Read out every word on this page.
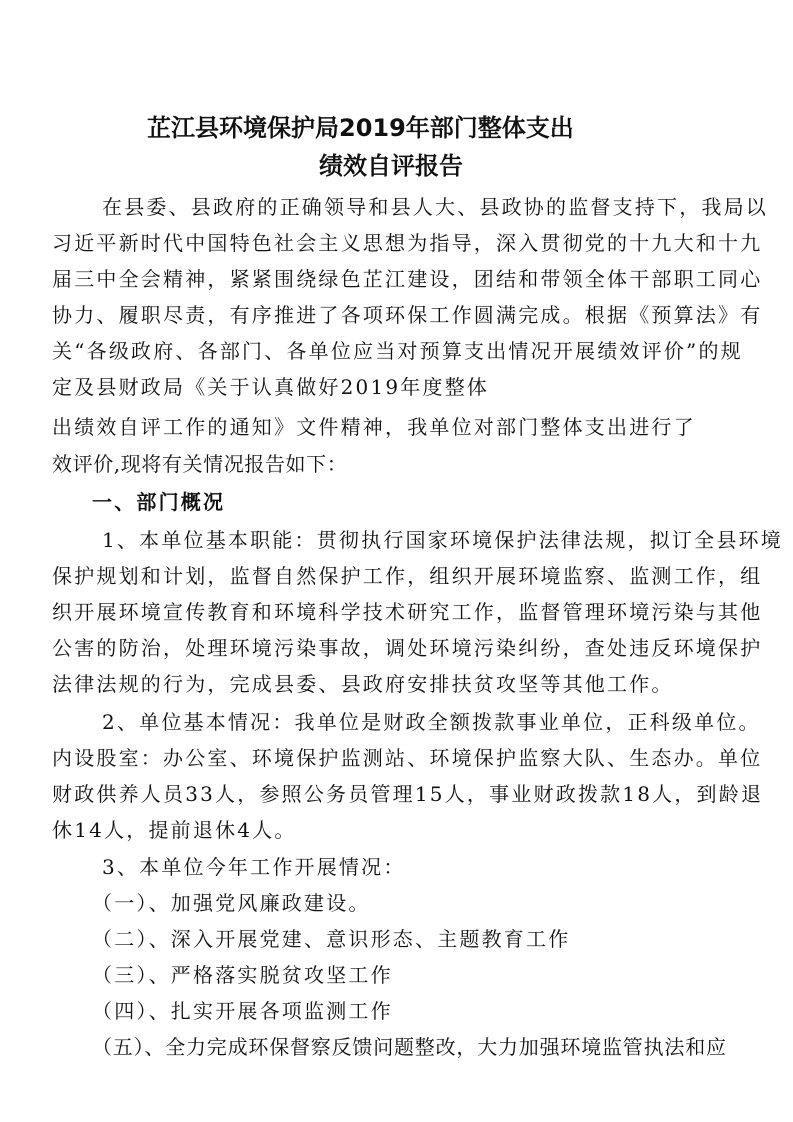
芷江县环境保护局2019年部门整体支出
绩效自评报告
在县委、县政府的正确领导和县人大、县政协的监督支持下，我局以
习近平新时代中国特色社会主义思想为指导，深入贯彻党的十九大和十九
届三中全会精神，紧紧围绕绿色芷江建设，团结和带领全体干部职工同心
协力、履职尽责，有序推进了各项环保工作圆满完成。根据《预算法》有
关“各级政府、各部门、各单位应当对预算支出情况开展绩效评价”的规
定及县财政局《关于认真做好2019年度整体
出绩效自评工作的通知》文件精神，我单位对部门整体支出进行了
效评价,现将有关情况报告如下：
一、部门概况
1、本单位基本职能：贯彻执行国家环境保护法律法规，拟订全县环境
保护规划和计划，监督自然保护工作，组织开展环境监察、监测工作，组
织开展环境宣传教育和环境科学技术研究工作，监督管理环境污染与其他
公害的防治，处理环境污染事故，调处环境污染纠纷，查处违反环境保护
法律法规的行为，完成县委、县政府安排扶贫攻坚等其他工作。
2、单位基本情况：我单位是财政全额拨款事业单位，正科级单位。
内设股室：办公室、环境保护监测站、环境保护监察大队、生态办。单位
财政供养人员33人，参照公务员管理15人，事业财政拨款18人，到龄退
休14人，提前退休4人。
3、本单位今年工作开展情况：
（一）、加强党风廉政建设。
（二）、深入开展党建、意识形态、主题教育工作
（三）、严格落实脱贫攻坚工作
（四）、扎实开展各项监测工作
（五）、全力完成环保督察反馈问题整改，大力加强环境监管执法和应
